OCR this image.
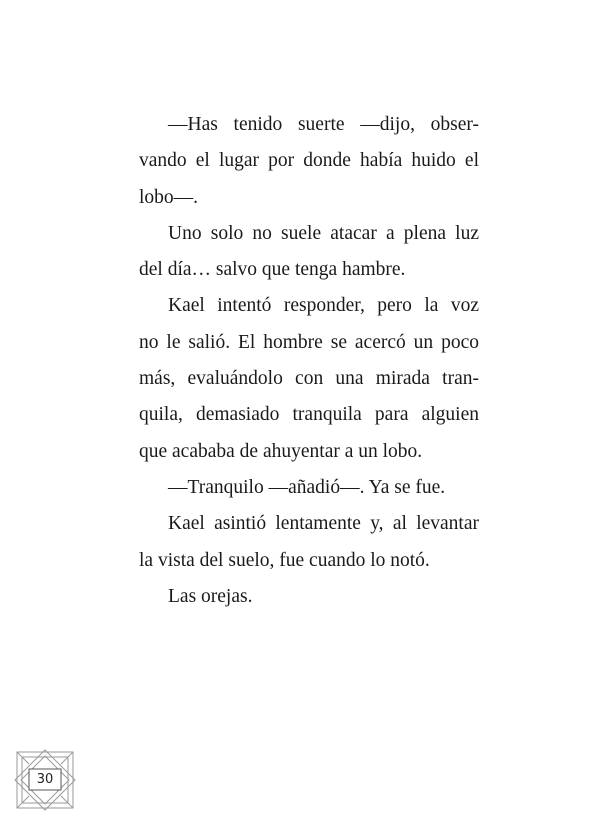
—Has tenido suerte —dijo, obser-
vando el lugar por donde había huido el
lobo—.
Uno solo no suele atacar a plena luz
del día… salvo que tenga hambre.
Kael intentó responder, pero la voz
no le salió. El hombre se acercó un poco
más, evaluándolo con una mirada tran-
quila, demasiado tranquila para alguien
que acababa de ahuyentar a un lobo.
—Tranquilo —añadió—. Ya se fue.
Kael asintió lentamente y, al levantar
la vista del suelo, fue cuando lo notó.
Las orejas.
30
